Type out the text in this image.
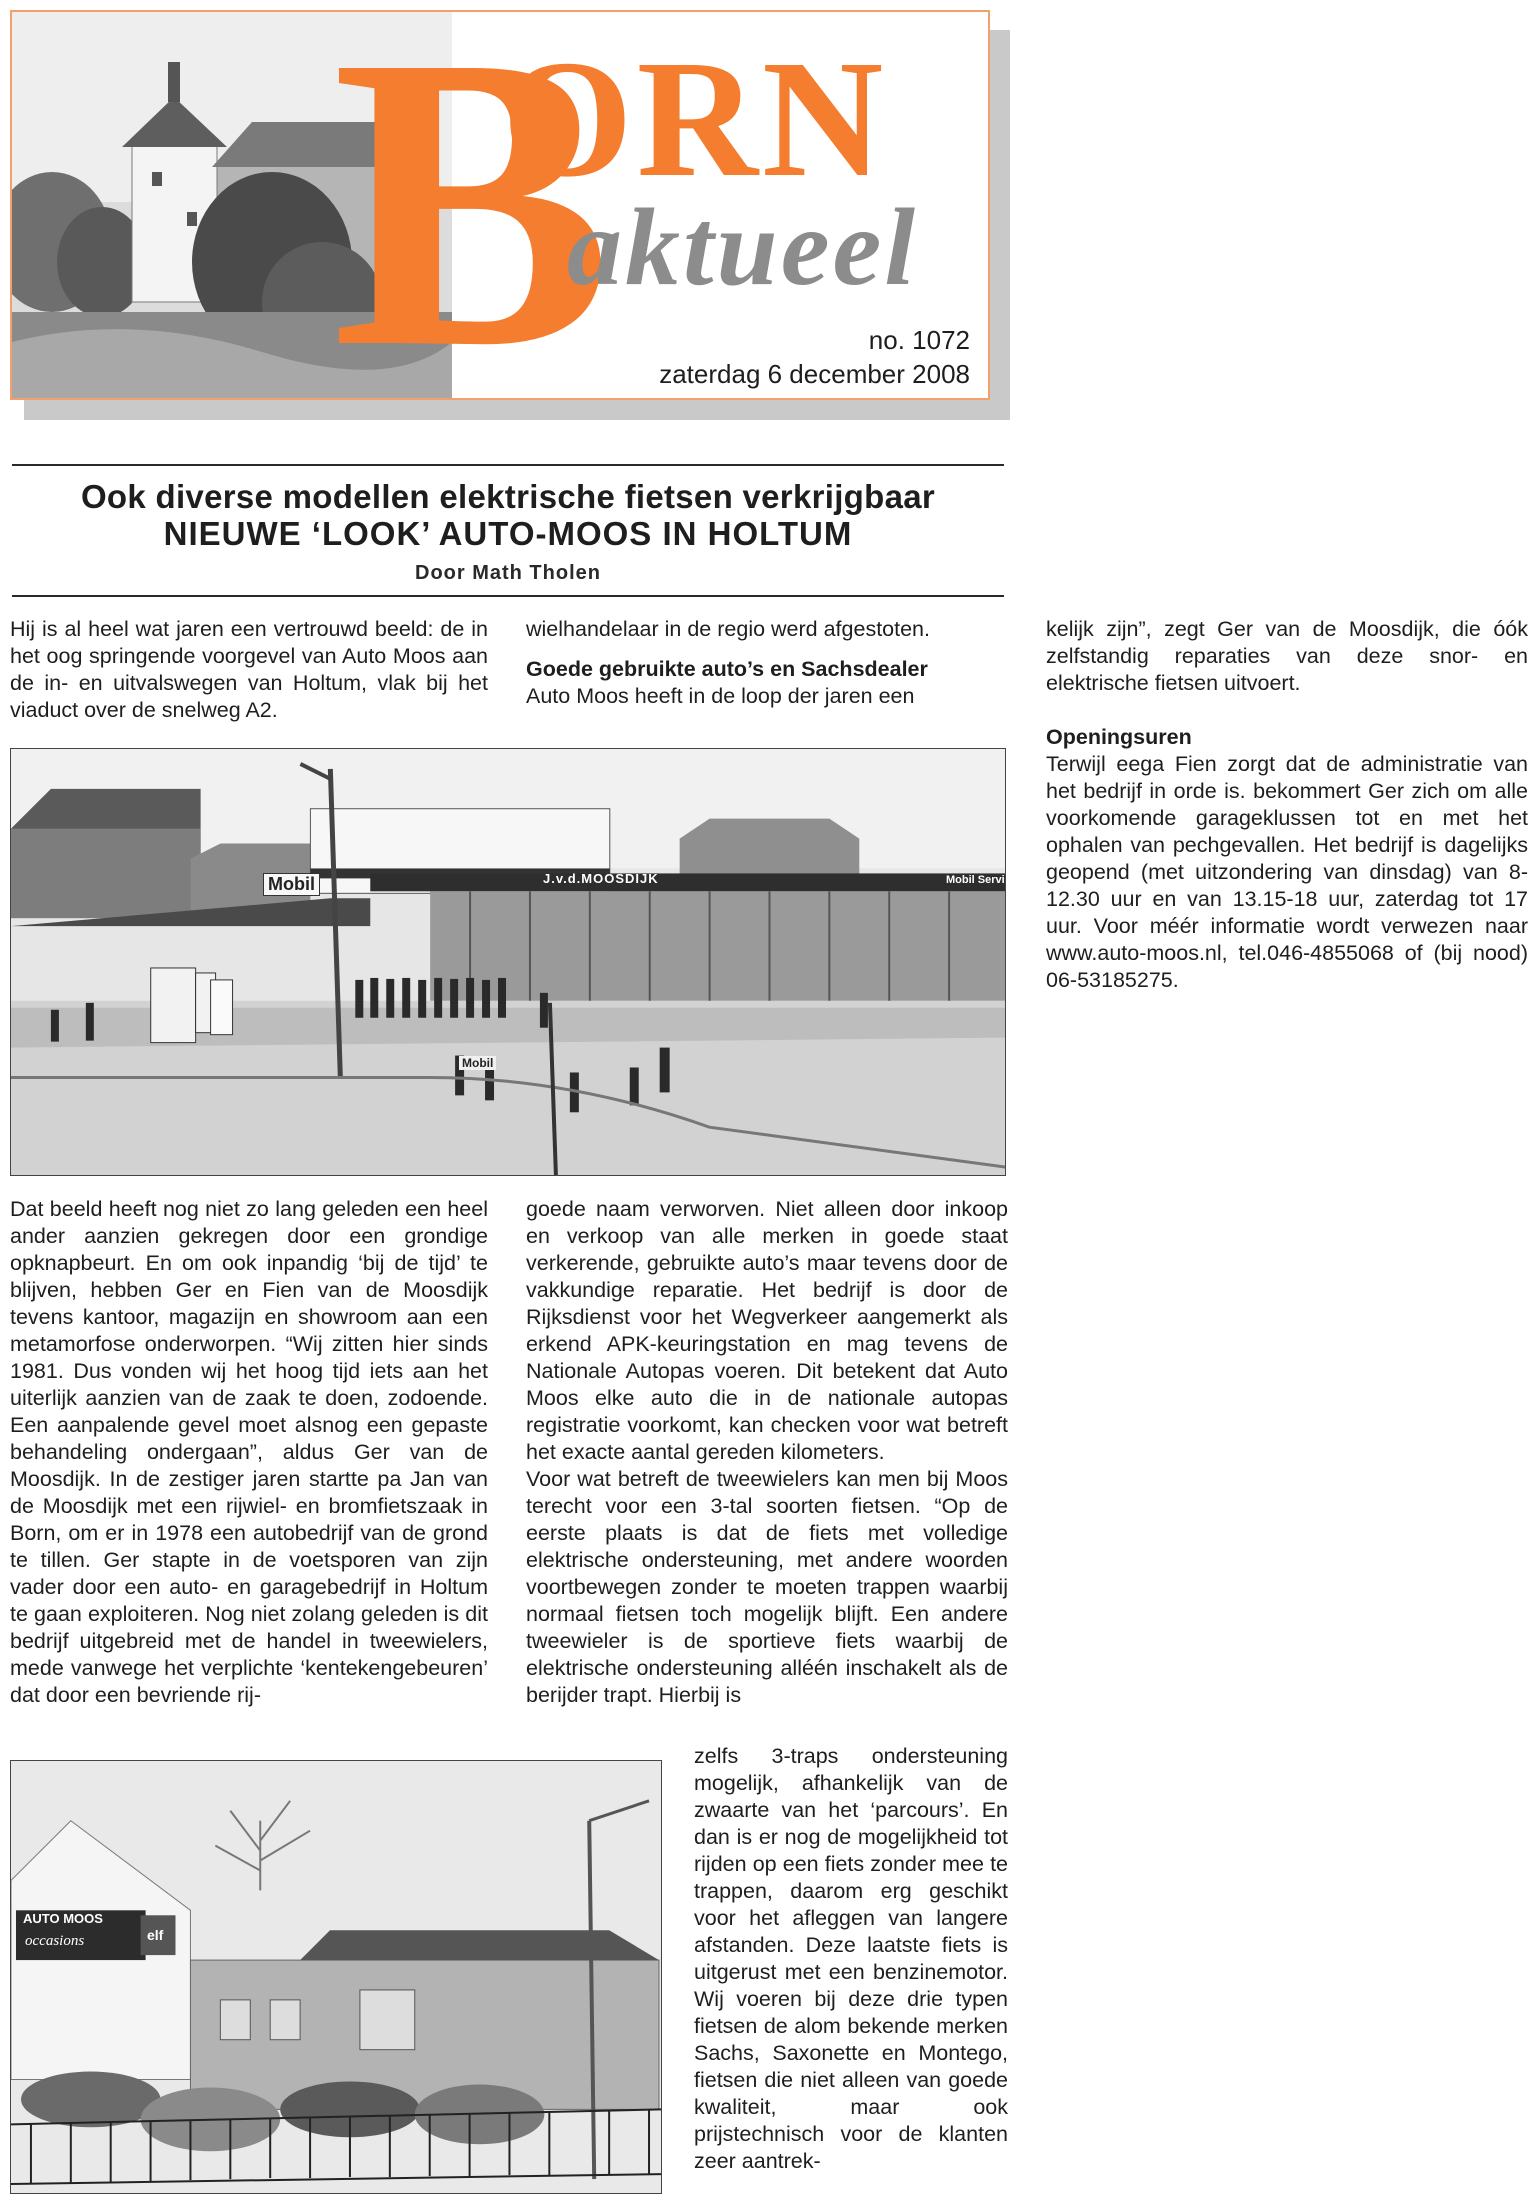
B
ORN
aktueel
no. 1072
zaterdag 6 december 2008
Ook diverse modellen elektrische fietsen verkrijgbaar
NIEUWE ‘LOOK’ AUTO-MOOS IN HOLTUM
Door Math Tholen

Hij is al heel wat jaren een vertrouwd beeld: de in het oog springende voorgevel van Auto Moos aan de in- en uitvalswegen van Holtum, vlak bij het viaduct over de snelweg A2.

wielhandelaar in de regio werd afgestoten.

Goede gebruikte auto’s en Sachsdealer

Auto Moos heeft in de loop der jaren een

kelijk zijn”, zegt Ger van de Moosdijk, die óók zelfstandig reparaties van deze snor- en elektrische fietsen uitvoert.

Openingsuren

Terwijl eega Fien zorgt dat de administratie van het bedrijf in orde is. bekommert Ger zich om alle voorkomende garageklussen tot en met het ophalen van pechgevallen. Het bedrijf is dagelijks geopend (met uitzondering van dinsdag) van 8-12.30 uur en van 13.15-18 uur, zaterdag tot 17 uur. Voor méér informatie wordt verwezen naar www.auto-moos.nl, tel.046-4855068 of (bij nood) 06-53185275.

Mobil	J.v.d.MOOSDIJK	Mobil Servi
Mobil

Dat beeld heeft nog niet zo lang geleden een heel ander aanzien gekregen door een grondige opknapbeurt. En om ook inpandig ‘bij de tijd’ te blijven, hebben Ger en Fien van de Moosdijk tevens kantoor, magazijn en showroom aan een metamorfose onderworpen. “Wij zitten hier sinds 1981. Dus vonden wij het hoog tijd iets aan het uiterlijk aanzien van de zaak te doen, zodoende. Een aanpalende gevel moet alsnog een gepaste behandeling ondergaan”, aldus Ger van de Moosdijk. In de zestiger jaren startte pa Jan van de Moosdijk met een rijwiel- en bromfietszaak in Born, om er in 1978 een autobedrijf van de grond te tillen. Ger stapte in de voetsporen van zijn vader door een auto- en garagebedrijf in Holtum te gaan exploiteren. Nog niet zolang geleden is dit bedrijf uitgebreid met de handel in tweewielers, mede vanwege het verplichte ‘kentekengebeuren’ dat door een bevriende rij-

goede naam verworven. Niet alleen door inkoop en verkoop van alle merken in goede staat verkerende, gebruikte auto’s maar tevens door de vakkundige reparatie. Het bedrijf is door de Rijksdienst voor het Wegverkeer aangemerkt als erkend APK-keuringstation en mag tevens de Nationale Autopas voeren. Dit betekent dat Auto Moos elke auto die in de nationale autopas registratie voorkomt, kan checken voor wat betreft het exacte aantal gereden kilometers.

Voor wat betreft de tweewielers kan men bij Moos terecht voor een 3-tal soorten fietsen. “Op de eerste plaats is dat de fiets met volledige elektrische ondersteuning, met andere woorden voortbewegen zonder te moeten trappen waarbij normaal fietsen toch mogelijk blijft. Een andere tweewieler is de sportieve fiets waarbij de elektrische ondersteuning alléén inschakelt als de berijder trapt. Hierbij is

zelfs 3-traps ondersteuning mogelijk, afhankelijk van de zwaarte van het ‘parcours’. En dan is er nog de mogelijkheid tot rijden op een fiets zonder mee te trappen, daarom erg geschikt voor het afleggen van langere afstanden. Deze laatste fiets is uitgerust met een benzinemotor. Wij voeren bij deze drie typen fietsen de alom bekende merken Sachs, Saxonette en Montego, fietsen die niet alleen van goede kwaliteit, maar ook prijstechnisch voor de klanten zeer aantrek-

AUTO MOOS
occasions	elf
